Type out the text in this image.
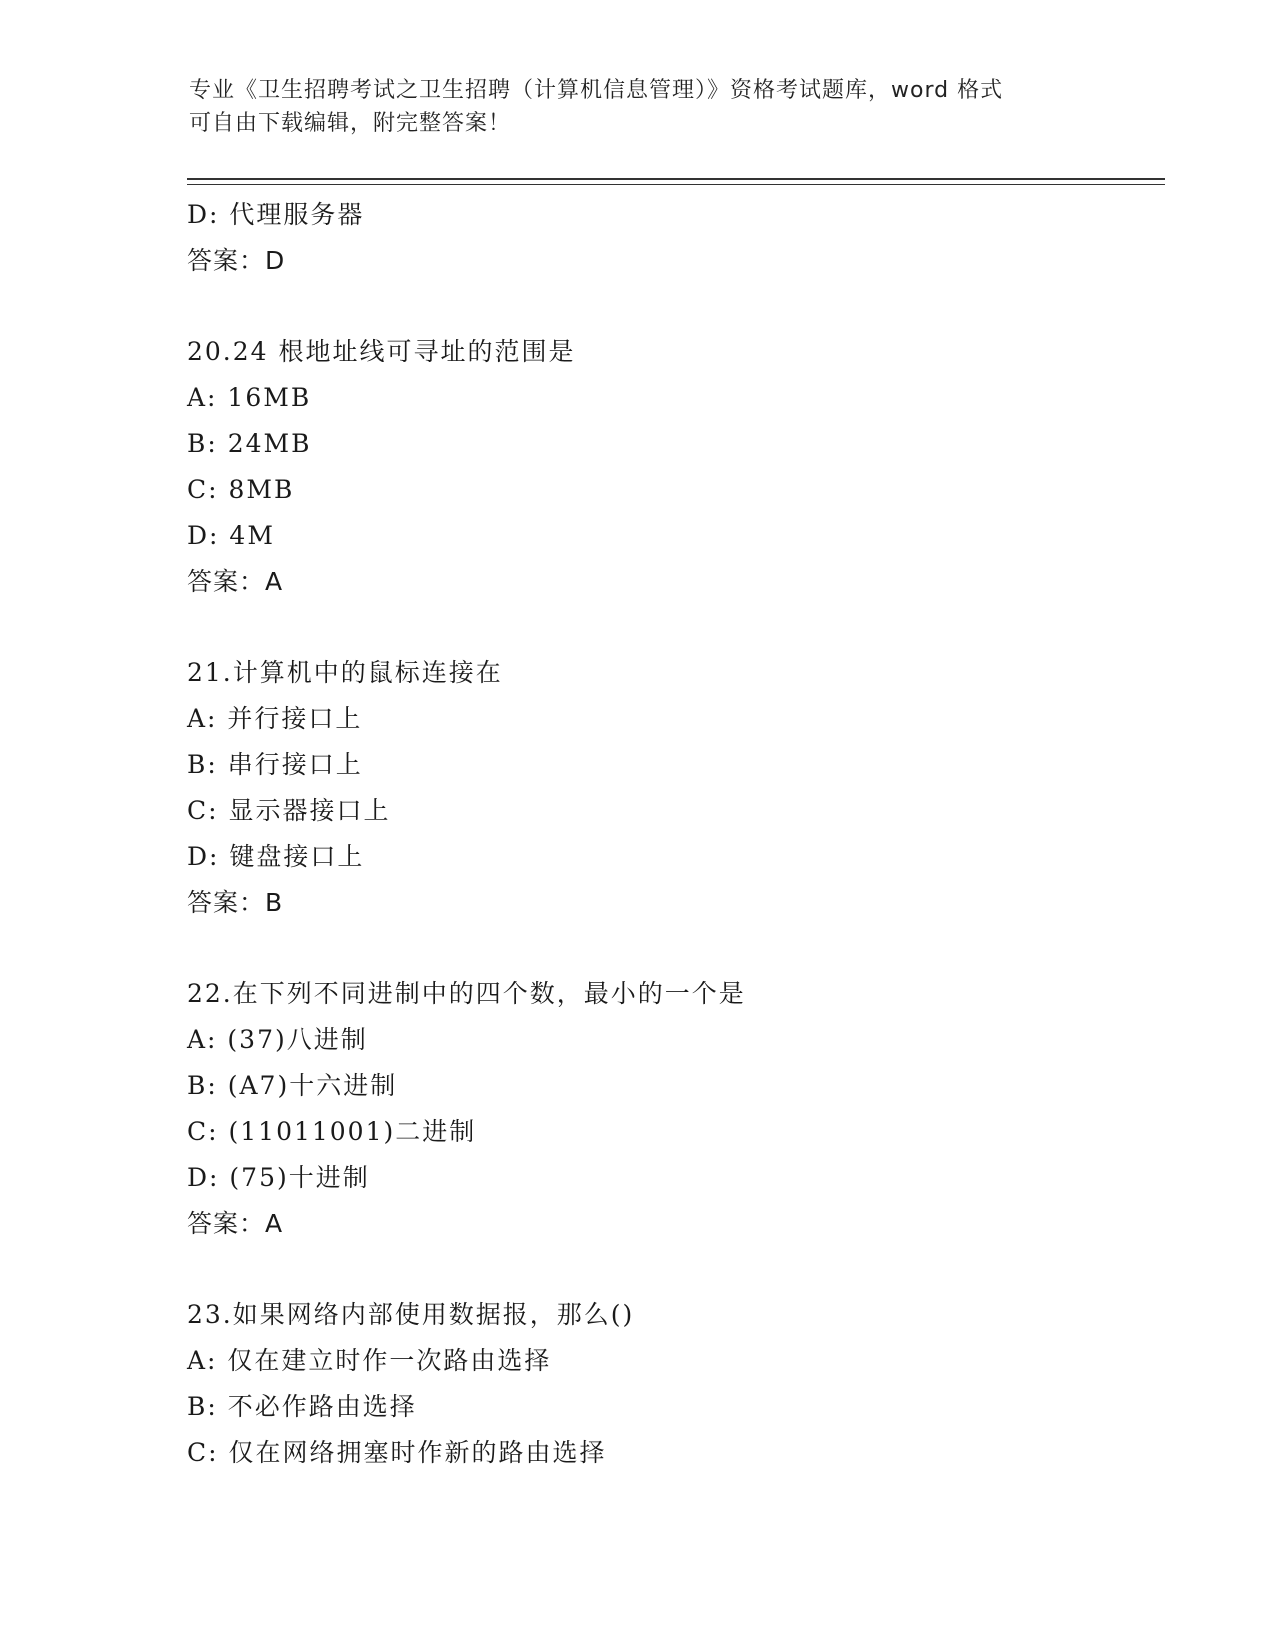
专业《卫生招聘考试之卫生招聘（计算机信息管理）》资格考试题库，word 格式
可自由下载编辑，附完整答案！
D: 代理服务器
答案：D
20.24 根地址线可寻址的范围是
A: 16MB
B: 24MB
C: 8MB
D: 4M
答案：A
21.计算机中的鼠标连接在
A: 并行接口上
B: 串行接口上
C: 显示器接口上
D: 键盘接口上
答案：B
22.在下列不同进制中的四个数，最小的一个是
A: (37)八进制
B: (A7)十六进制
C: (11011001)二进制
D: (75)十进制
答案：A
23.如果网络内部使用数据报，那么()
A: 仅在建立时作一次路由选择
B: 不必作路由选择
C: 仅在网络拥塞时作新的路由选择
